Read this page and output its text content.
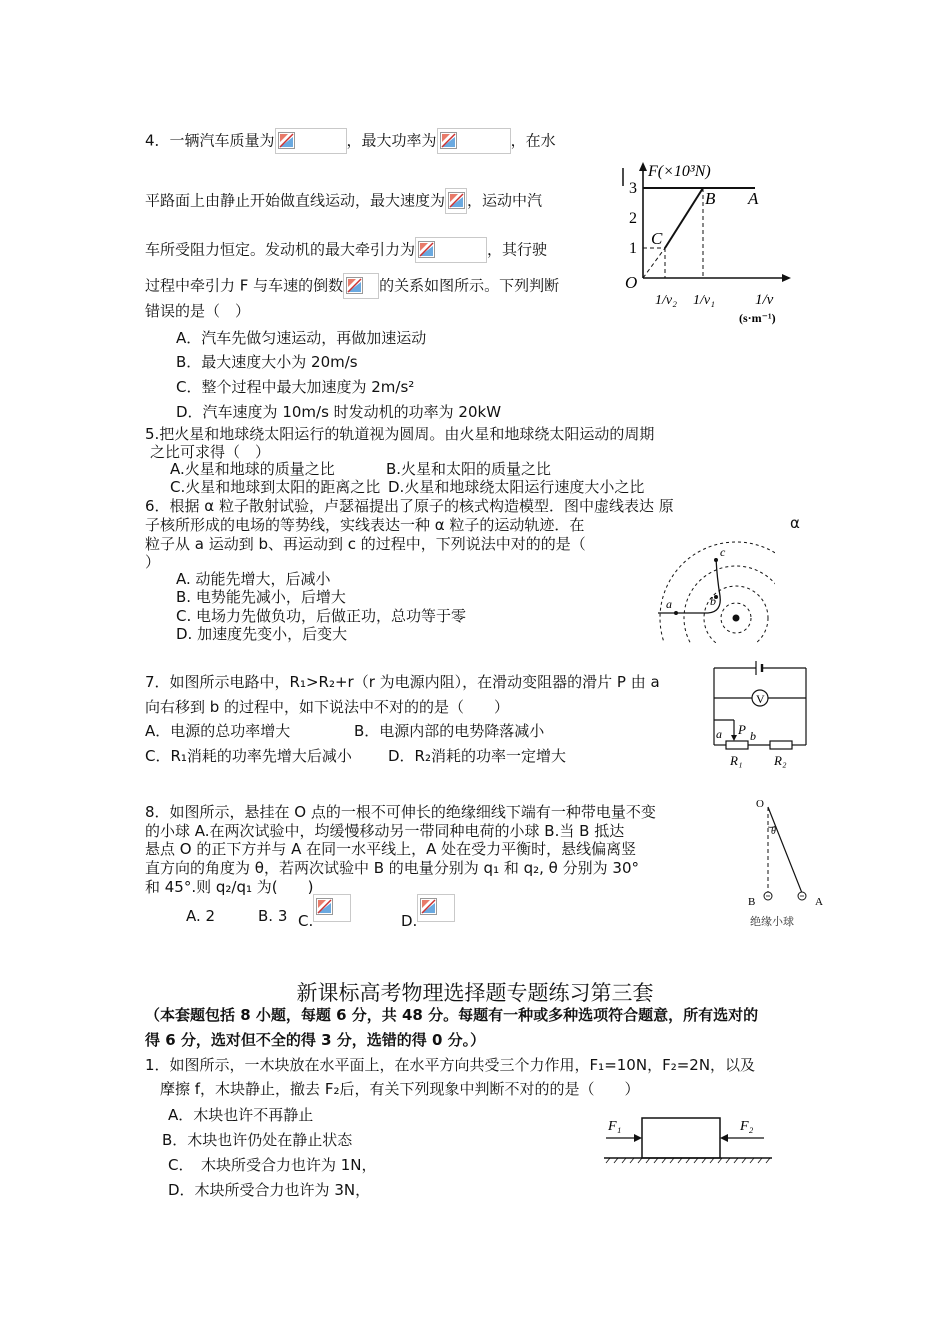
4．一辆汽车质量为	，最大功率为	，在水
平路面上由静止开始做直线运动，最大速度为 ，运动中汽
车所受阻力恒定。发动机的最大牵引力为	，其行驶
过程中牵引力 F 与车速的倒数 的关系如图所示。下列判断
错误的是（　）
A．汽车先做匀速运动，再做加速运动
B．最大速度大小为 20m/s
C．整个过程中最大加速度为 2m/s²
D．汽车速度为 10m/s 时发动机的功率为 20kW
F(×10³N)
3
2
1
O
A
B
C
1/v₂ 1/v₁	1/v
(s·m⁻¹)
5.把火星和地球绕太阳运行的轨道视为圆周。由火星和地球绕太阳运动的周期
之比可求得（　）
A.火星和地球的质量之比	B.火星和太阳的质量之比
C.火星和地球到太阳的距离之比 D.火星和地球绕太阳运行速度大小之比
6．根据 α 粒子散射试验，卢瑟福提出了原子的核式构造模型．图中虚线表达 原
子核所形成的电场的等势线，实线表达一种 α 粒子的运动轨迹．在	α
粒子从 a 运动到 b、再运动到 c 的过程中，下列说法中对的的是（
）
A. 动能先增大，后减小
B. 电势能先减小，后增大
C. 电场力先做负功，后做正功，总功等于零
D. 加速度先变小，后变大
a	b
c
7．如图所示电路中，R₁>R₂+r（r 为电源内阻），在滑动变阻器的滑片 P 由 a
向右移到 b 的过程中，如下说法中不对的的是（　　）
A．电源的总功率增大	B．电源内部的电势降落减小
C．R₁消耗的功率先增大后减小 D．R₂消耗的功率一定增大
V
a P b
R₁ R₂
8．如图所示，悬挂在 O 点的一根不可伸长的绝缘细线下端有一种带电量不变
的小球 A.在两次试验中，均缓慢移动另一带同种电荷的小球 B.当 B 抵达
悬点 O 的正下方并与 A 在同一水平线上，A 处在受力平衡时，悬线偏离竖
直方向的角度为 θ，若两次试验中 B 的电量分别为 q₁ 和 q₂, θ 分别为 30°
和 45°.则 q₂/q₁ 为(　　)
A. 2	B. 3 C.	D.
O
θ
B	A
绝缘小球
新课标高考物理选择题专题练习第三套
（本套题包括 8 小题，每题 6 分，共 48 分。每题有一种或多种选项符合题意，所有选对的
得 6 分，选对但不全的得 3 分，选错的得 0 分。）
1．如图所示，一木块放在水平面上，在水平方向共受三个力作用，F₁=10N，F₂=2N，以及
摩擦 f，木块静止，撤去 F₂后，有关下列现象中判断不对的的是（　　）
A．木块也许不再静止
B．木块也许仍处在静止状态
C．　木块所受合力也许为 1N，
D．木块所受合力也许为 3N，
F₁	F₂
